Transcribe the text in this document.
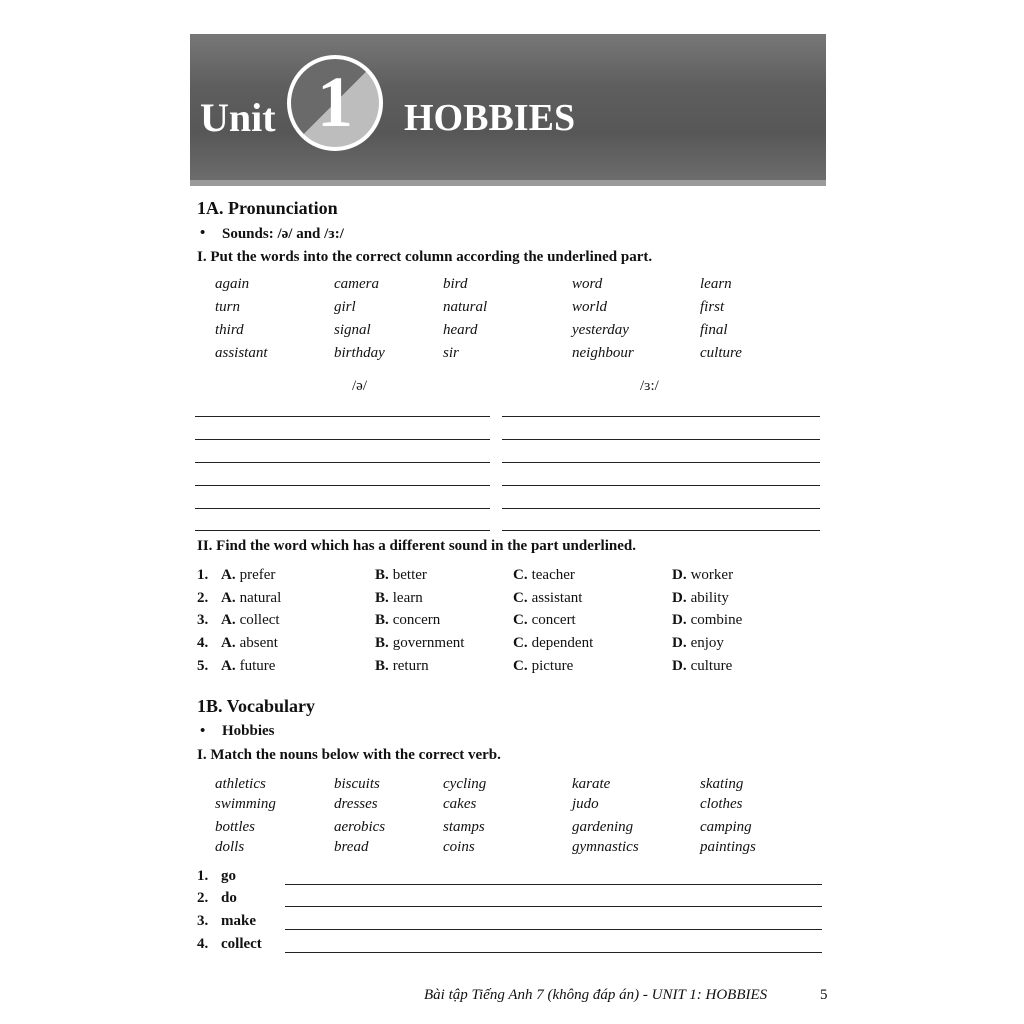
Unit 1	HOBBIES
1A. Pronunciation
• Sounds: /ə/ and /ɜ:/
I. Put the words into the correct column according the underlined part.
again	camera	bird	word	learn
turn	girl	natural	world	first
third	signal	heard	yesterday	final
assistant	birthday	sir	neighbour	culture
/ə/	/ɜ:/
II. Find the word which has a different sound in the part underlined.
1. A. prefer	B. better	C. teacher	D. worker
2. A. natural	B. learn	C. assistant	D. ability
3. A. collect	B. concern	C. concert	D. combine
4. A. absent	B. government	C. dependent	D. enjoy
5. A. future	B. return	C. picture	D. culture
1B. Vocabulary
• Hobbies
I. Match the nouns below with the correct verb.
athletics	biscuits	cycling	karate	skating
swimming	dresses	cakes	judo	clothes
bottles	aerobics	stamps	gardening	camping
dolls	bread	coins	gymnastics	paintings
1. go
2. do
3. make
4. collect
Bài tập Tiếng Anh 7 (không đáp án) - UNIT 1: HOBBIES	5
